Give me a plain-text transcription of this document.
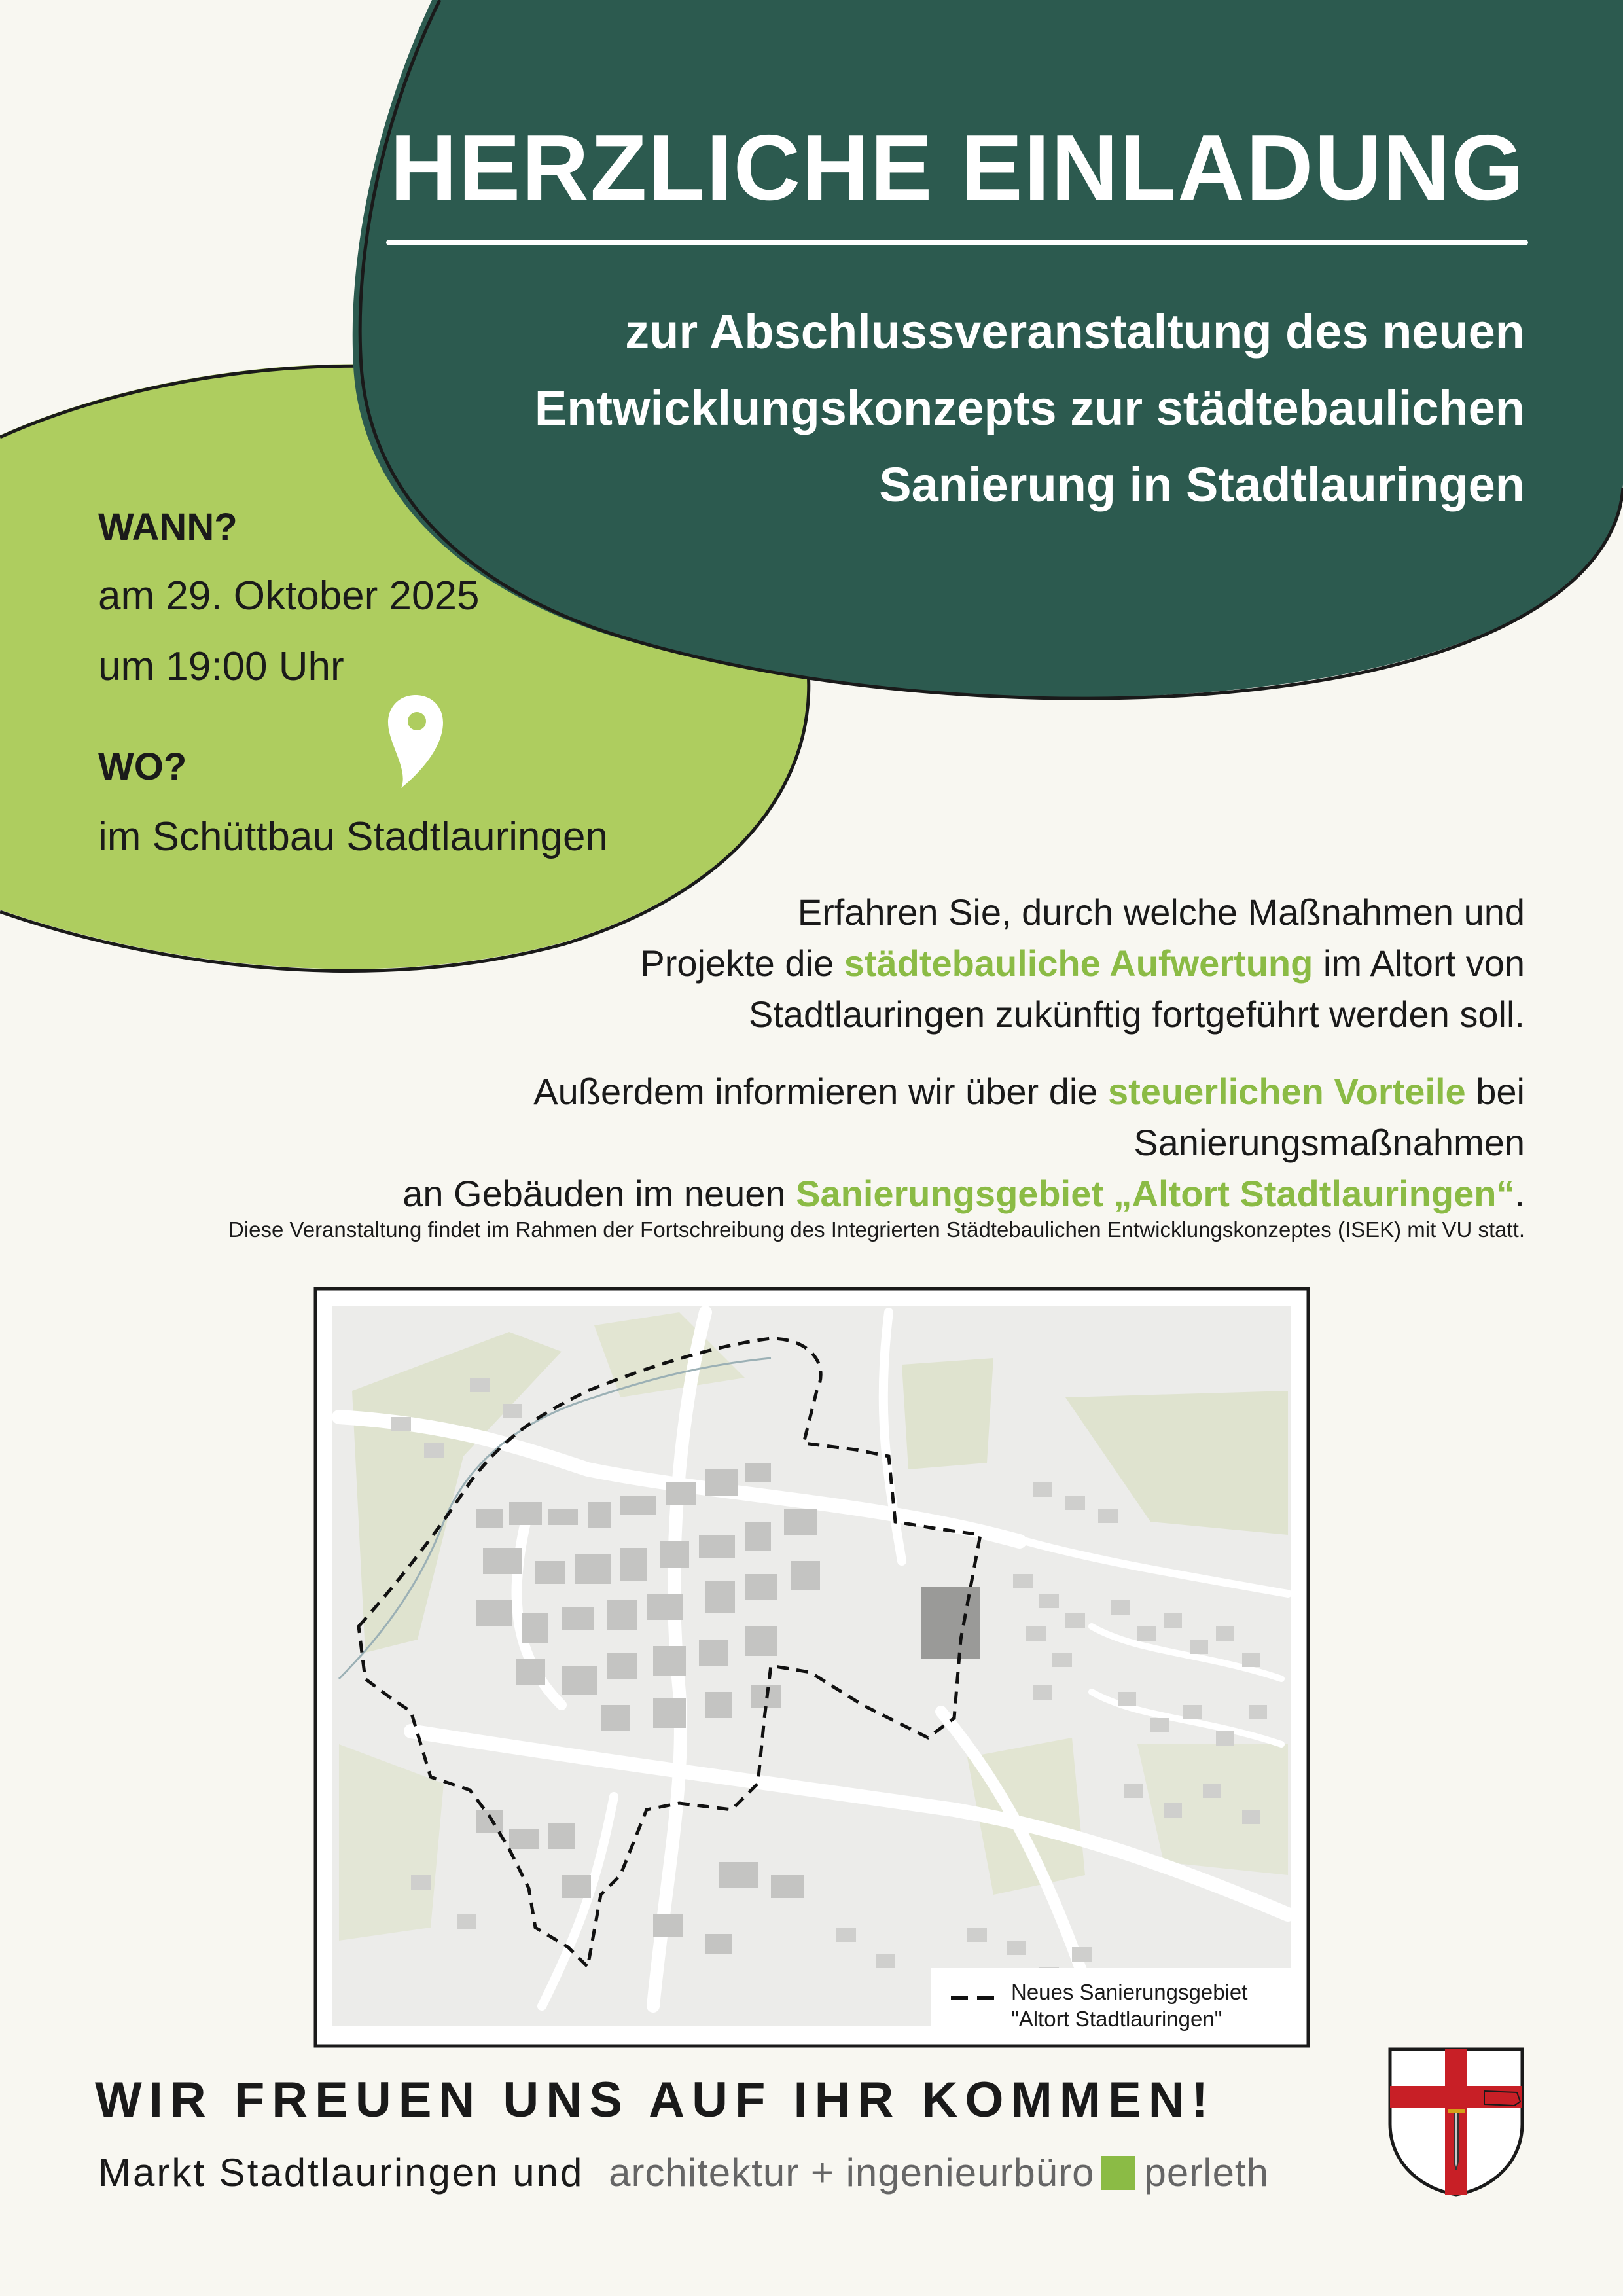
HERZLICHE EINLADUNG
zur Abschlussveranstaltung des neuen
Entwicklungskonzepts zur städtebaulichen
Sanierung in Stadtlauringen
WANN?
am 29. Oktober 2025
um 19:00 Uhr
WO?
im Schüttbau Stadtlauringen

Erfahren Sie, durch welche Maßnahmen und
Projekte die städtebauliche Aufwertung im Altort von
Stadtlauringen zukünftig fortgeführt werden soll.

Außerdem informieren wir über die steuerlichen Vorteile bei Sanierungsmaßnahmen
an Gebäuden im neuen Sanierungsgebiet „Altort Stadtlauringen“.

Diese Veranstaltung findet im Rahmen der Fortschreibung des Integrierten Städtebaulichen Entwicklungskonzeptes (ISEK) mit VU statt.
Neues Sanierungsgebiet
"Altort Stadtlauringen"
WIR FREUEN UNS AUF IHR KOMMEN!
Markt Stadtlauringen und architektur + ingenieurbüro perleth
